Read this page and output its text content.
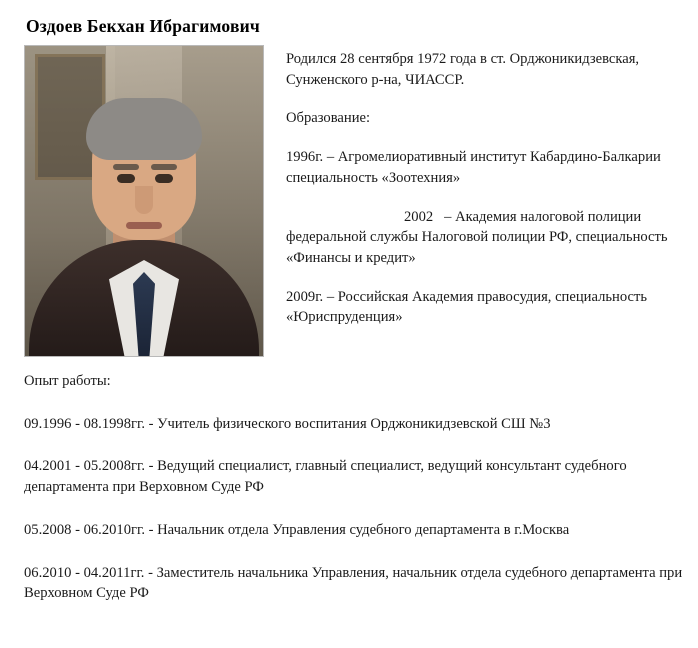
Оздоев Бекхан Ибрагимович

Родился 28 сентября 1972 года в ст. Орджоникидзевская, Сунженского р-на, ЧИАССР.

Образование:

1996г. – Агромелиоративный институт Кабардино-Балкарии специальность «Зоотехния»

2002 – Академия налоговой полиции федеральной службы Налоговой полиции РФ, специальность «Финансы и кредит»

2009г. – Российская Академия правосудия, специальность «Юриспруденция»

Опыт работы:

09.1996 - 08.1998гг. - Учитель физического воспитания Орджоникидзевской СШ №3

04.2001 - 05.2008гг. - Ведущий специалист, главный специалист, ведущий консультант судебного департамента при Верховном Суде РФ

05.2008 - 06.2010гг. - Начальник отдела Управления судебного департамента в г.Москва

06.2010 - 04.2011гг. - Заместитель начальника Управления, начальник отдела судебного департамента при Верховном Суде РФ
